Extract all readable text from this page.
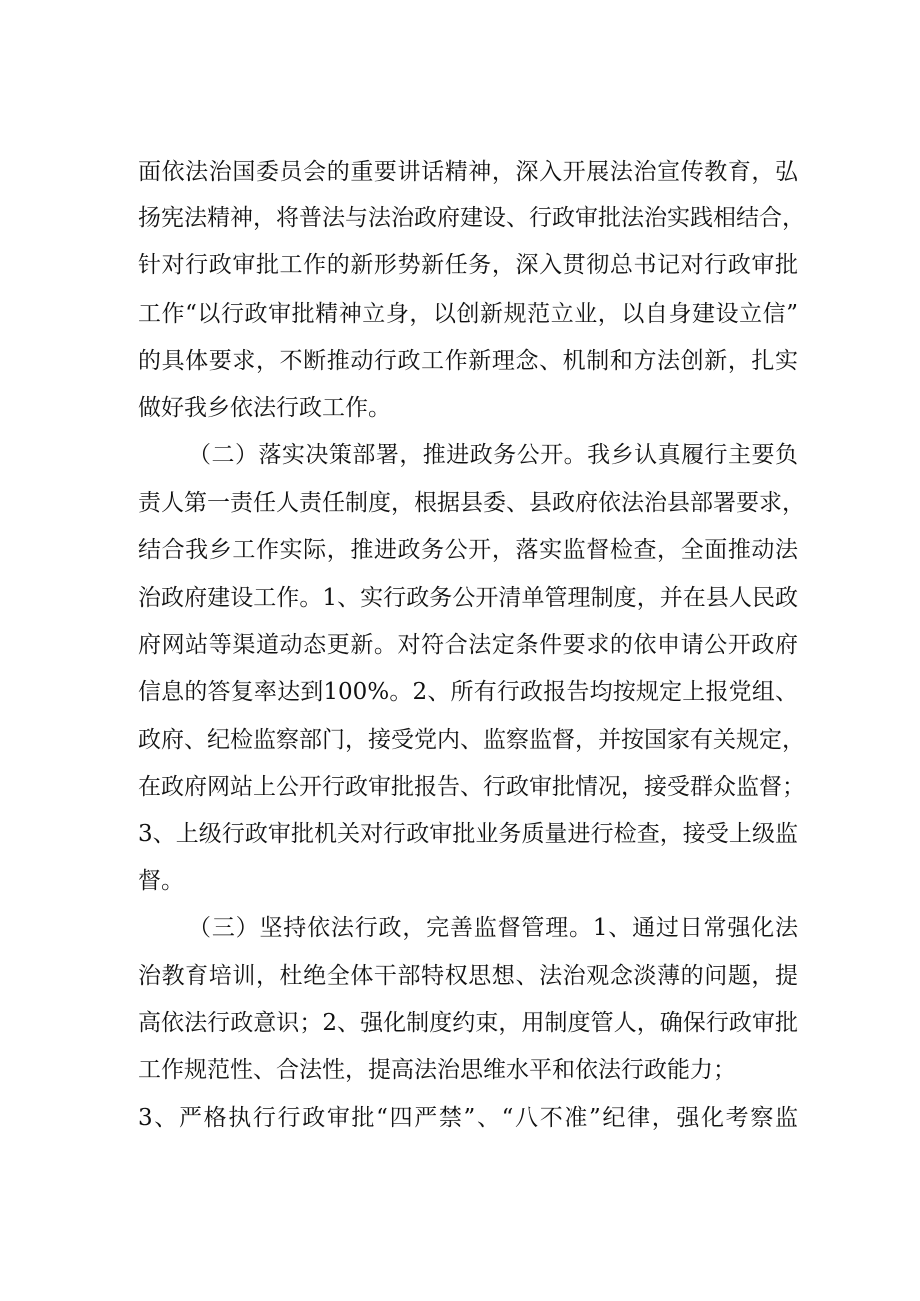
面依法治国委员会的重要讲话精神，深入开展法治宣传教育，弘
扬宪法精神，将普法与法治政府建设、行政审批法治实践相结合，
针对行政审批工作的新形势新任务，深入贯彻总书记对行政审批
工作“以行政审批精神立身，以创新规范立业，以自身建设立信”
的具体要求，不断推动行政工作新理念、机制和方法创新，扎实
做好我乡依法行政工作。
（二）落实决策部署，推进政务公开。我乡认真履行主要负
责人第一责任人责任制度，根据县委、县政府依法治县部署要求，
结合我乡工作实际，推进政务公开，落实监督检查，全面推动法
治政府建设工作。1、实行政务公开清单管理制度，并在县人民政
府网站等渠道动态更新。对符合法定条件要求的依申请公开政府
信息的答复率达到100%。2、所有行政报告均按规定上报党组、
政府、纪检监察部门，接受党内、监察监督，并按国家有关规定，
在政府网站上公开行政审批报告、行政审批情况，接受群众监督；
3、上级行政审批机关对行政审批业务质量进行检查，接受上级监
督。
（三）坚持依法行政，完善监督管理。1、通过日常强化法
治教育培训，杜绝全体干部特权思想、法治观念淡薄的问题，提
高依法行政意识；2、强化制度约束，用制度管人，确保行政审批
工作规范性、合法性，提高法治思维水平和依法行政能力；
3、严格执行行政审批“四严禁”、“八不准”纪律，强化考察监
